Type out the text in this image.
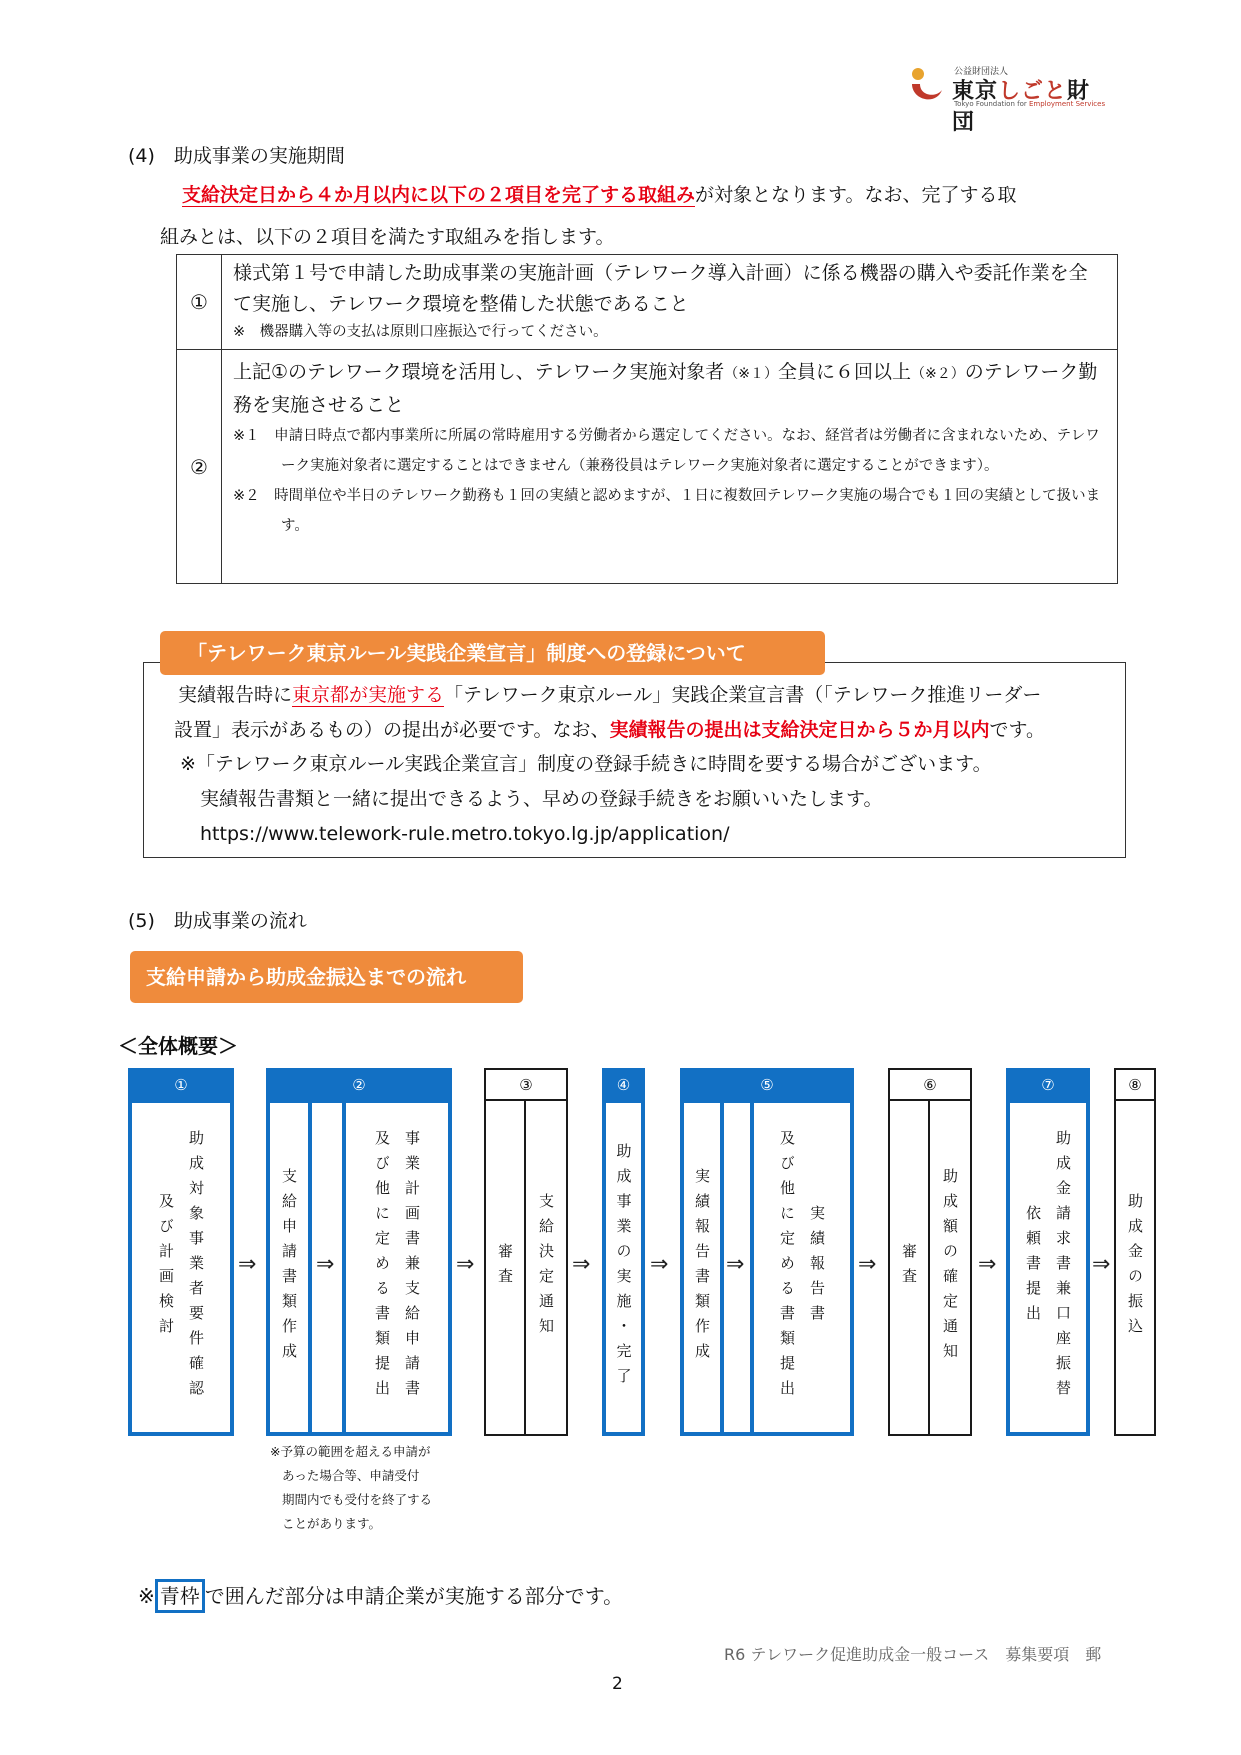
公益財団法人
東京しごと財団
Tokyo Foundation for Employment Services
(4)　助成事業の実施期間
支給決定日から４か月以内に以下の２項目を完了する取組みが対象となります。なお、完了する取
組みとは、以下の２項目を満たす取組みを指します。
①	様式第１号で申請した助成事業の実施計画（テレワーク導入計画）に係る機器の購入や委託作業を全て実施し、テレワーク環境を整備した状態であること
※　機器購入等の支払は原則口座振込で行ってください。

②	上記①のテレワーク環境を活用し、テレワーク実施対象者（※１）全員に６回以上（※２）のテレワーク勤務を実施させること
※１　申請日時点で都内事業所に所属の常時雇用する労働者から選定してください。なお、経営者は労働者に含まれないため、テレワーク実施対象者に選定することはできません（兼務役員はテレワーク実施対象者に選定することができます）。
※２　時間単位や半日のテレワーク勤務も１回の実績と認めますが、１日に複数回テレワーク実施の場合でも１回の実績として扱います。
「テレワーク東京ルール実践企業宣言」制度への登録について
実績報告時に東京都が実施する「テレワーク東京ルール」実践企業宣言書（「テレワーク推進リーダー
設置」表示があるもの）の提出が必要です。なお、実績報告の提出は支給決定日から５か月以内です。
※「テレワーク東京ルール実践企業宣言」制度の登録手続きに時間を要する場合がございます。
実績報告書類と一緒に提出できるよう、早めの登録手続きをお願いいたします。
https://www.telework-rule.metro.tokyo.lg.jp/application/
(5)　助成事業の流れ
支給申請から助成金振込までの流れ
＜全体概要＞
①
助成対象事業者要件確認
及び計画検討	⇒
②
支給申請書類作成	事業計画書兼支給申請書
及び他に定める書類提出
⇒	⇒
③
審査 支給決定通知 ⇒
④
助成事業の実施・完了 ⇒
⑤
実績報告書類作成	実績報告書
及び他に定める書類提出
⇒	⇒
⑥
審査 助成額の確定通知 ⇒
⑦
助成金請求書兼口座振替
依頼書提出 ⇒
⑧
助成金の振込
※予算の範囲を超える申請が
あった場合等、申請受付
期間内でも受付を終了する
ことがあります。
※ 青枠 で囲んだ部分は申請企業が実施する部分です。
R6 テレワーク促進助成金一般コース　募集要項　郵
2
